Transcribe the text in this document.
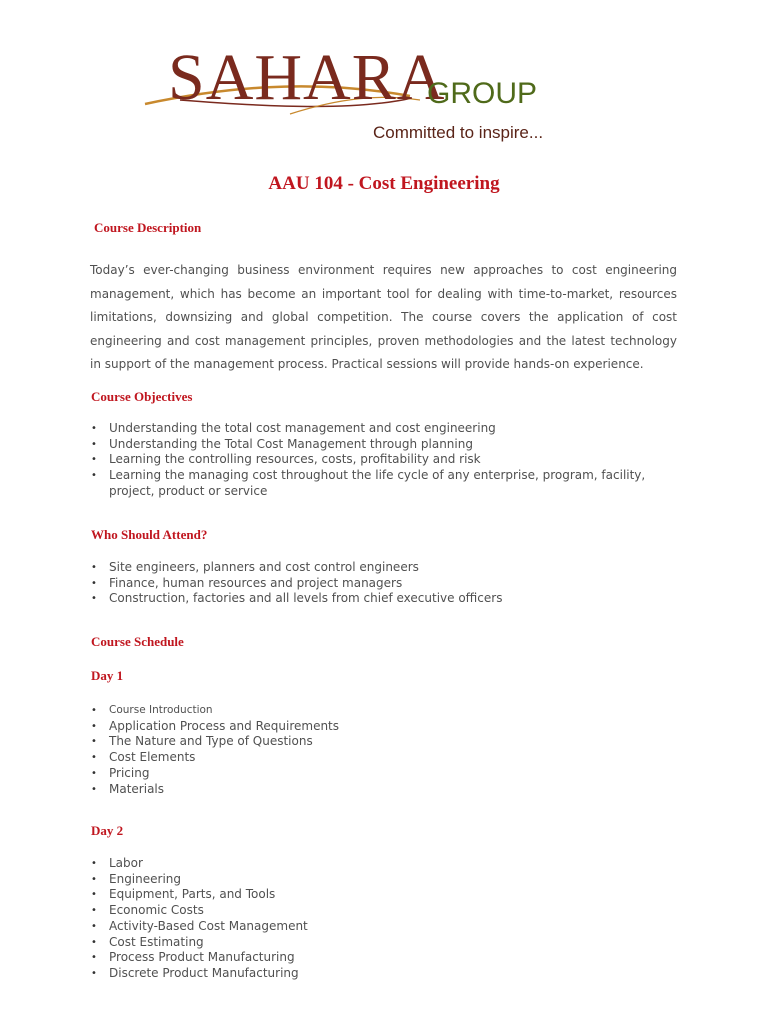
SAHARA
GROUP
Committed to inspire...
AAU 104 - Cost Engineering
Course Description

Today’s ever-changing business environment requires new approaches to cost engineering management, which has become an important tool for dealing with time-to-market, resources limitations, downsizing and global competition. The course covers the application of cost engineering and cost management principles, proven methodologies and the latest technology in support of the management process. Practical sessions will provide hands-on experience.

Course Objectives
• Understanding the total cost management and cost engineering
• Understanding the Total Cost Management through planning
• Learning the controlling resources, costs, profitability and risk
• Learning the managing cost throughout the life cycle of any enterprise, program, facility, project, product or service
Who Should Attend?
• Site engineers, planners and cost control engineers
• Finance, human resources and project managers
• Construction, factories and all levels from chief executive officers
Course Schedule
Day 1
• Course Introduction
• Application Process and Requirements
• The Nature and Type of Questions
• Cost Elements
• Pricing
• Materials
Day 2
• Labor
• Engineering
• Equipment, Parts, and Tools
• Economic Costs
• Activity-Based Cost Management
• Cost Estimating
• Process Product Manufacturing
• Discrete Product Manufacturing
